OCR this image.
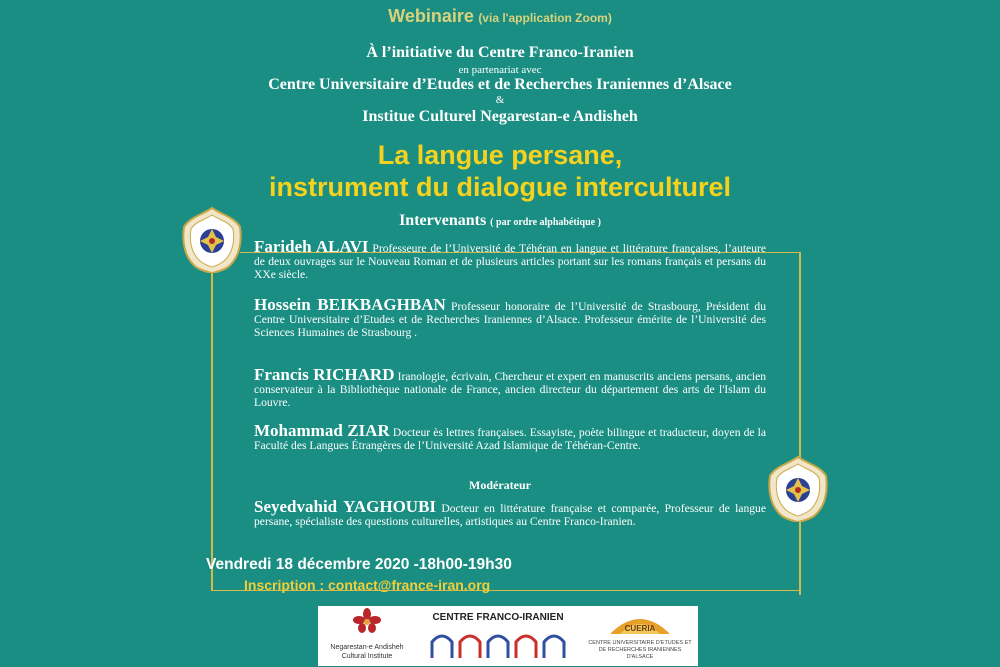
Webinaire (via l'application Zoom)
À l’initiative du Centre Franco-Iranien
en partenariat avec
Centre Universitaire d’Etudes et de Recherches Iraniennes d’Alsace
&
Institue Culturel Negarestan-e Andisheh
La langue persane,
instrument du dialogue interculturel
Intervenants ( par ordre alphabétique )
Farideh ALAVI Professeure de l’Université de Téhéran en langue et littérature françaises, l’auteure de deux ouvrages sur le Nouveau Roman et de plusieurs articles portant sur les romans français et persans du XXe siècle.
Hossein BEIKBAGHBAN Professeur honoraire de l’Université de Strasbourg, Président du Centre Universitaire d’Etudes et de Recherches Iraniennes d’Alsace. Professeur émérite de l’Université des Sciences Humaines de Strasbourg .
Francis RICHARD Iranologie, écrivain, Chercheur et expert en manuscrits anciens persans, ancien conservateur à la Bibliothèque nationale de France, ancien directeur du département des arts de l'Islam du Louvre.
Mohammad ZIAR Docteur ès lettres françaises. Essayiste, poète bilingue et traducteur, doyen de la Faculté des Langues Étrangères de l’Université Azad Islamique de Téhéran-Centre.
Modérateur
Seyedvahid YAGHOUBI Docteur en littérature française et comparée, Professeur de langue persane, spécialiste des questions culturelles, artistiques au Centre Franco-Iranien.
Vendredi 18 décembre 2020 -18h00-19h30
Inscription : contact@france-iran.org
Negarestan-e Andisheh
Cultural Institute
CENTRE FRANCO-IRANIEN
CUERIA
CENTRE UNIVERSITAIRE D'ETUDES ET DE RECHERCHES IRANIENNES D'ALSACE
